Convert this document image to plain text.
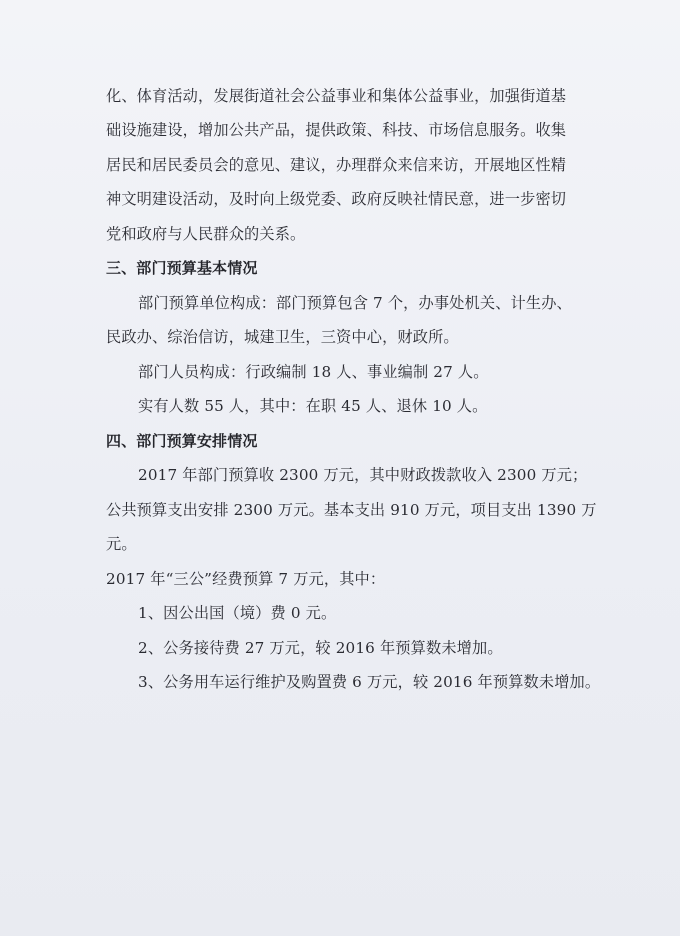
化、体育活动，发展街道社会公益事业和集体公益事业，加强街道基
础设施建设，增加公共产品，提供政策、科技、市场信息服务。收集
居民和居民委员会的意见、建议，办理群众来信来访，开展地区性精
神文明建设活动，及时向上级党委、政府反映社情民意，进一步密切
党和政府与人民群众的关系。
三、部门预算基本情况
部门预算单位构成：部门预算包含 7 个，办事处机关、计生办、
民政办、综治信访，城建卫生，三资中心，财政所。
部门人员构成：行政编制 18 人、事业编制 27 人。
实有人数 55 人，其中：在职 45 人、退休 10 人。
四、部门预算安排情况
2017 年部门预算收 2300 万元，其中财政拨款收入 2300 万元；
公共预算支出安排 2300 万元。基本支出 910 万元，项目支出 1390 万
元。
2017 年“三公”经费预算 7 万元，其中：
1、因公出国（境）费 0 元。
2、公务接待费 27 万元，较 2016 年预算数未增加。
3、公务用车运行维护及购置费 6 万元，较 2016 年预算数未增加。
